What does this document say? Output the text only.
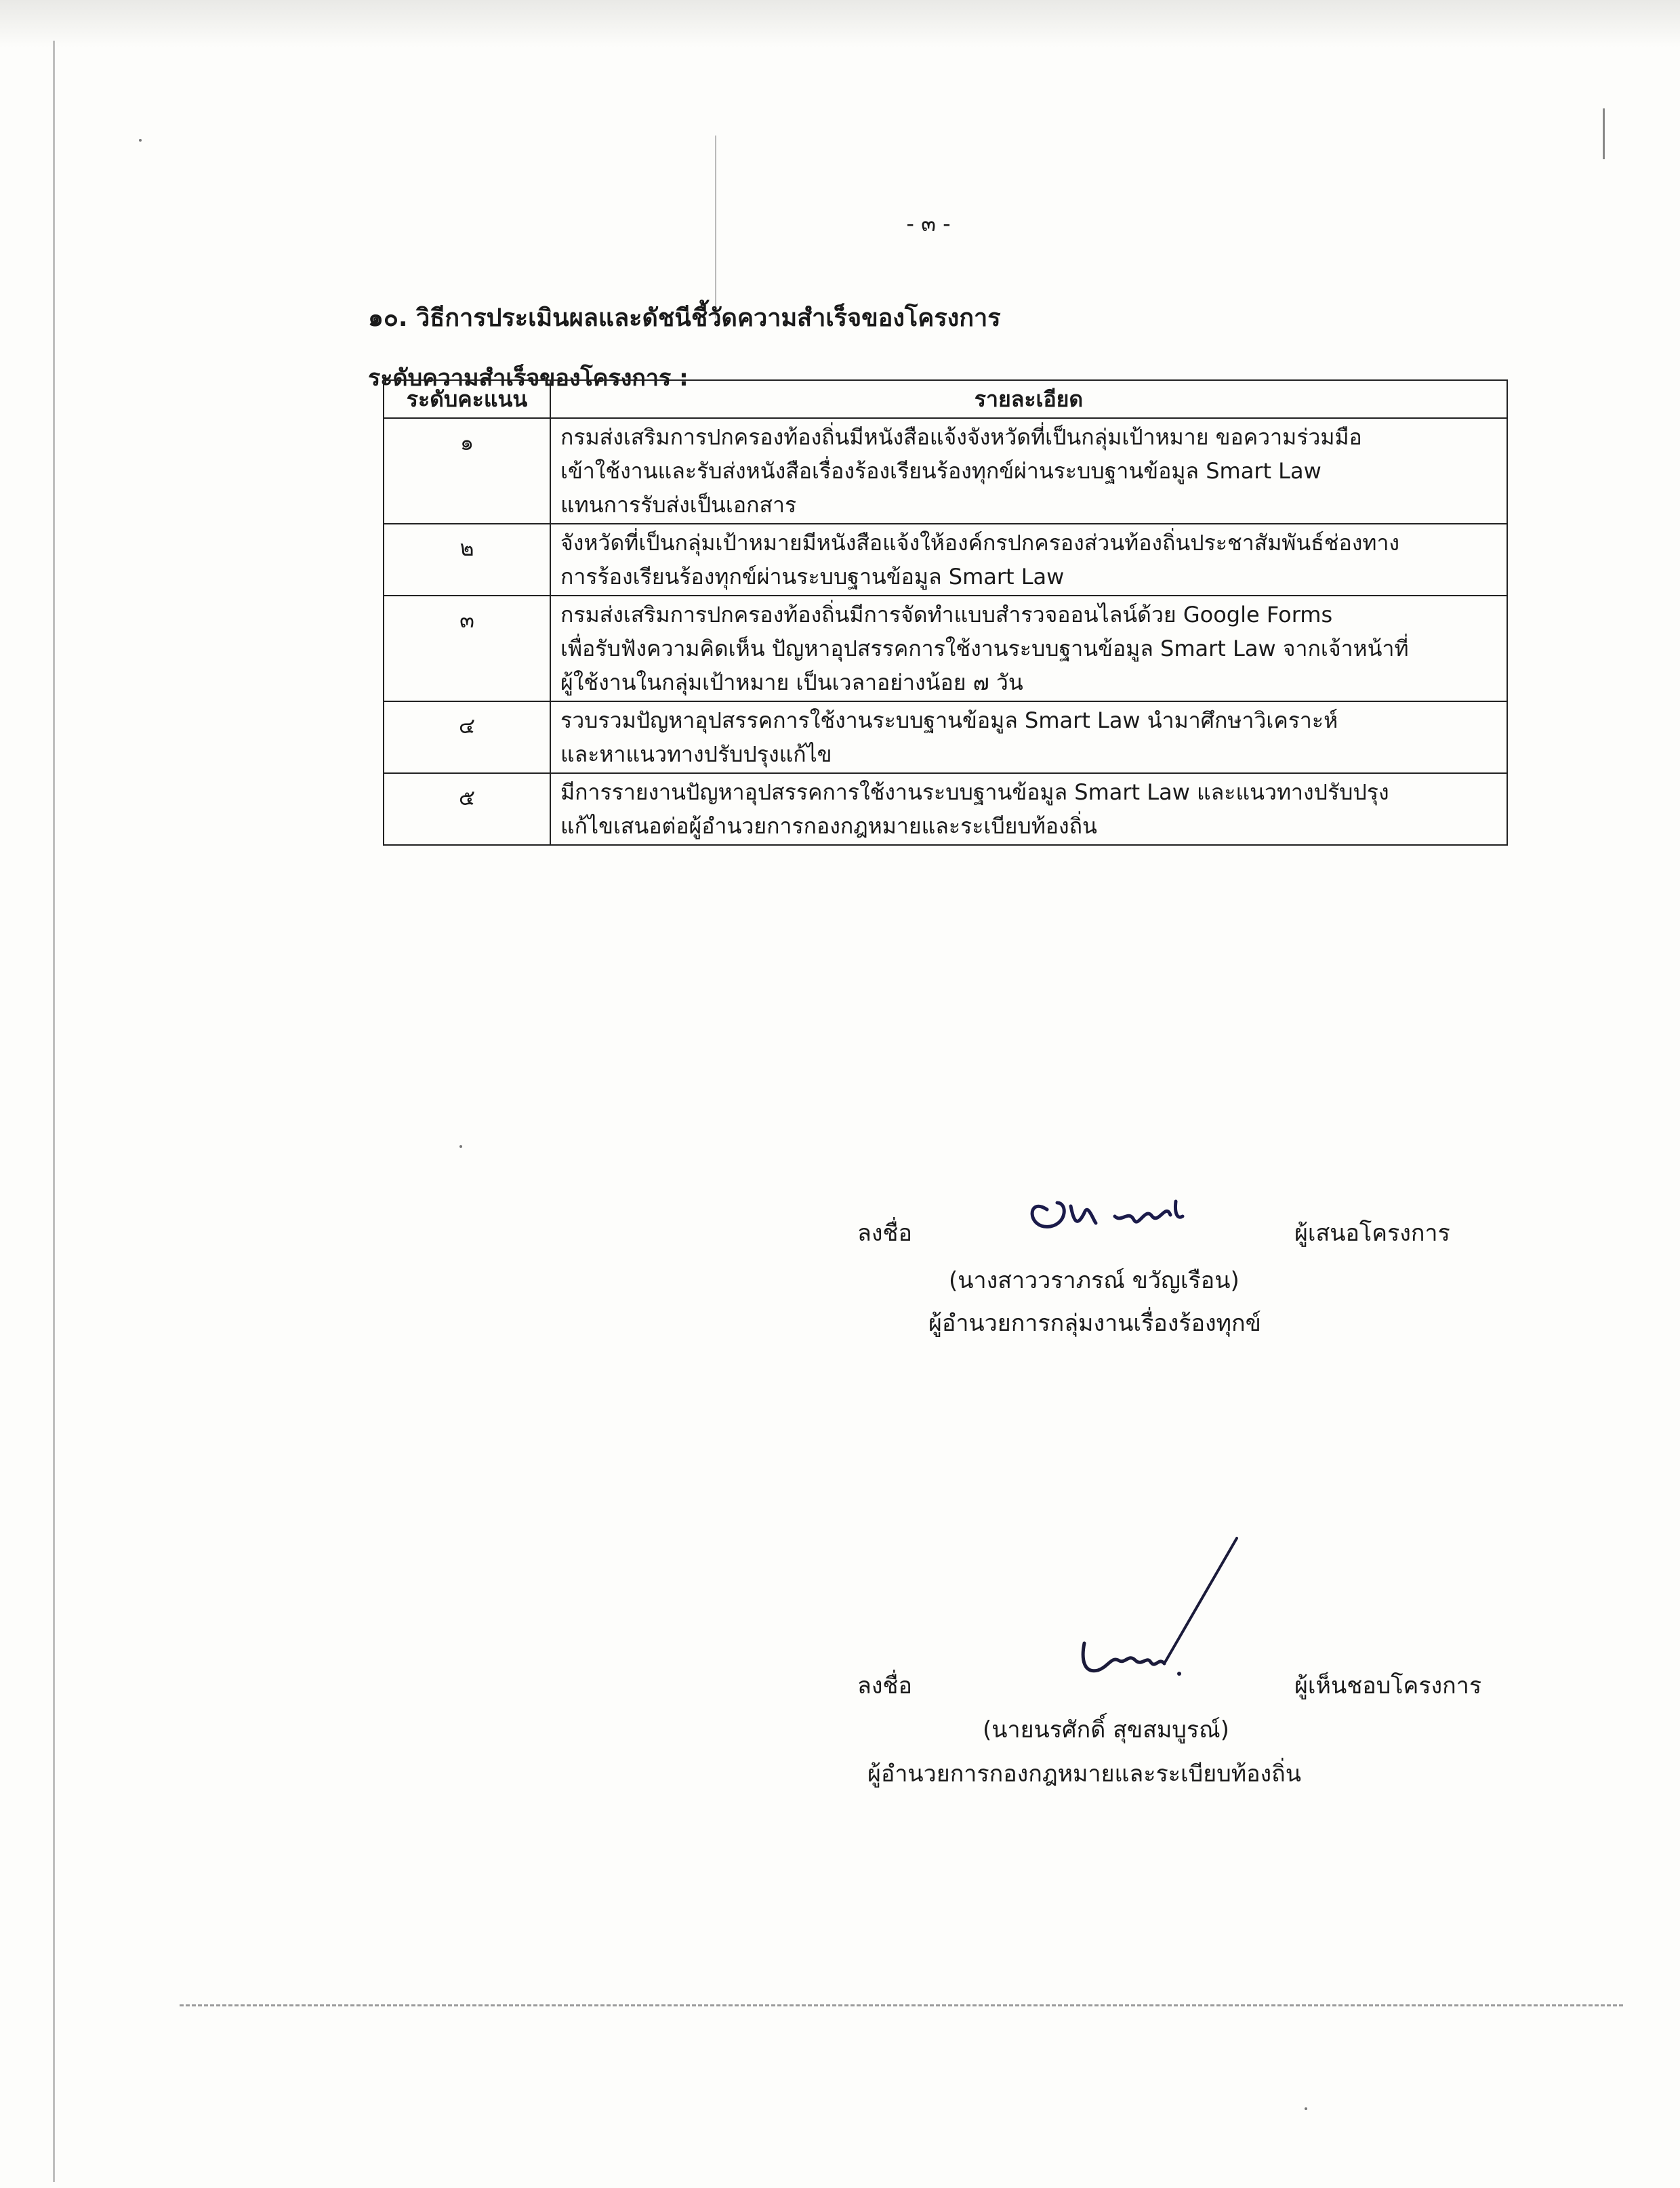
- ๓ -
๑๐. วิธีการประเมินผลและดัชนีชี้วัดความสำเร็จของโครงการ
ระดับความสำเร็จของโครงการ :
ระดับคะแนน	รายละเอียด
๑	กรมส่งเสริมการปกครองท้องถิ่นมีหนังสือแจ้งจังหวัดที่เป็นกลุ่มเป้าหมาย ขอความร่วมมือ
เข้าใช้งานและรับส่งหนังสือเรื่องร้องเรียนร้องทุกข์ผ่านระบบฐานข้อมูล Smart Law
แทนการรับส่งเป็นเอกสาร

๒	จังหวัดที่เป็นกลุ่มเป้าหมายมีหนังสือแจ้งให้องค์กรปกครองส่วนท้องถิ่นประชาสัมพันธ์ช่องทาง
การร้องเรียนร้องทุกข์ผ่านระบบฐานข้อมูล Smart Law

๓	กรมส่งเสริมการปกครองท้องถิ่นมีการจัดทำแบบสำรวจออนไลน์ด้วย Google Forms
เพื่อรับฟังความคิดเห็น ปัญหาอุปสรรคการใช้งานระบบฐานข้อมูล Smart Law จากเจ้าหน้าที่
ผู้ใช้งานในกลุ่มเป้าหมาย เป็นเวลาอย่างน้อย ๗ วัน

๔	รวบรวมปัญหาอุปสรรคการใช้งานระบบฐานข้อมูล Smart Law นำมาศึกษาวิเคราะห์
และหาแนวทางปรับปรุงแก้ไข

๕	มีการรายงานปัญหาอุปสรรคการใช้งานระบบฐานข้อมูล Smart Law และแนวทางปรับปรุง
แก้ไขเสนอต่อผู้อำนวยการกองกฎหมายและระเบียบท้องถิ่น
ลงชื่อ	ผู้เสนอโครงการ
(นางสาววราภรณ์ ขวัญเรือน)
ผู้อำนวยการกลุ่มงานเรื่องร้องทุกข์
ลงชื่อ	ผู้เห็นชอบโครงการ
(นายนรศักดิ์ สุขสมบูรณ์)
ผู้อำนวยการกองกฎหมายและระเบียบท้องถิ่น
